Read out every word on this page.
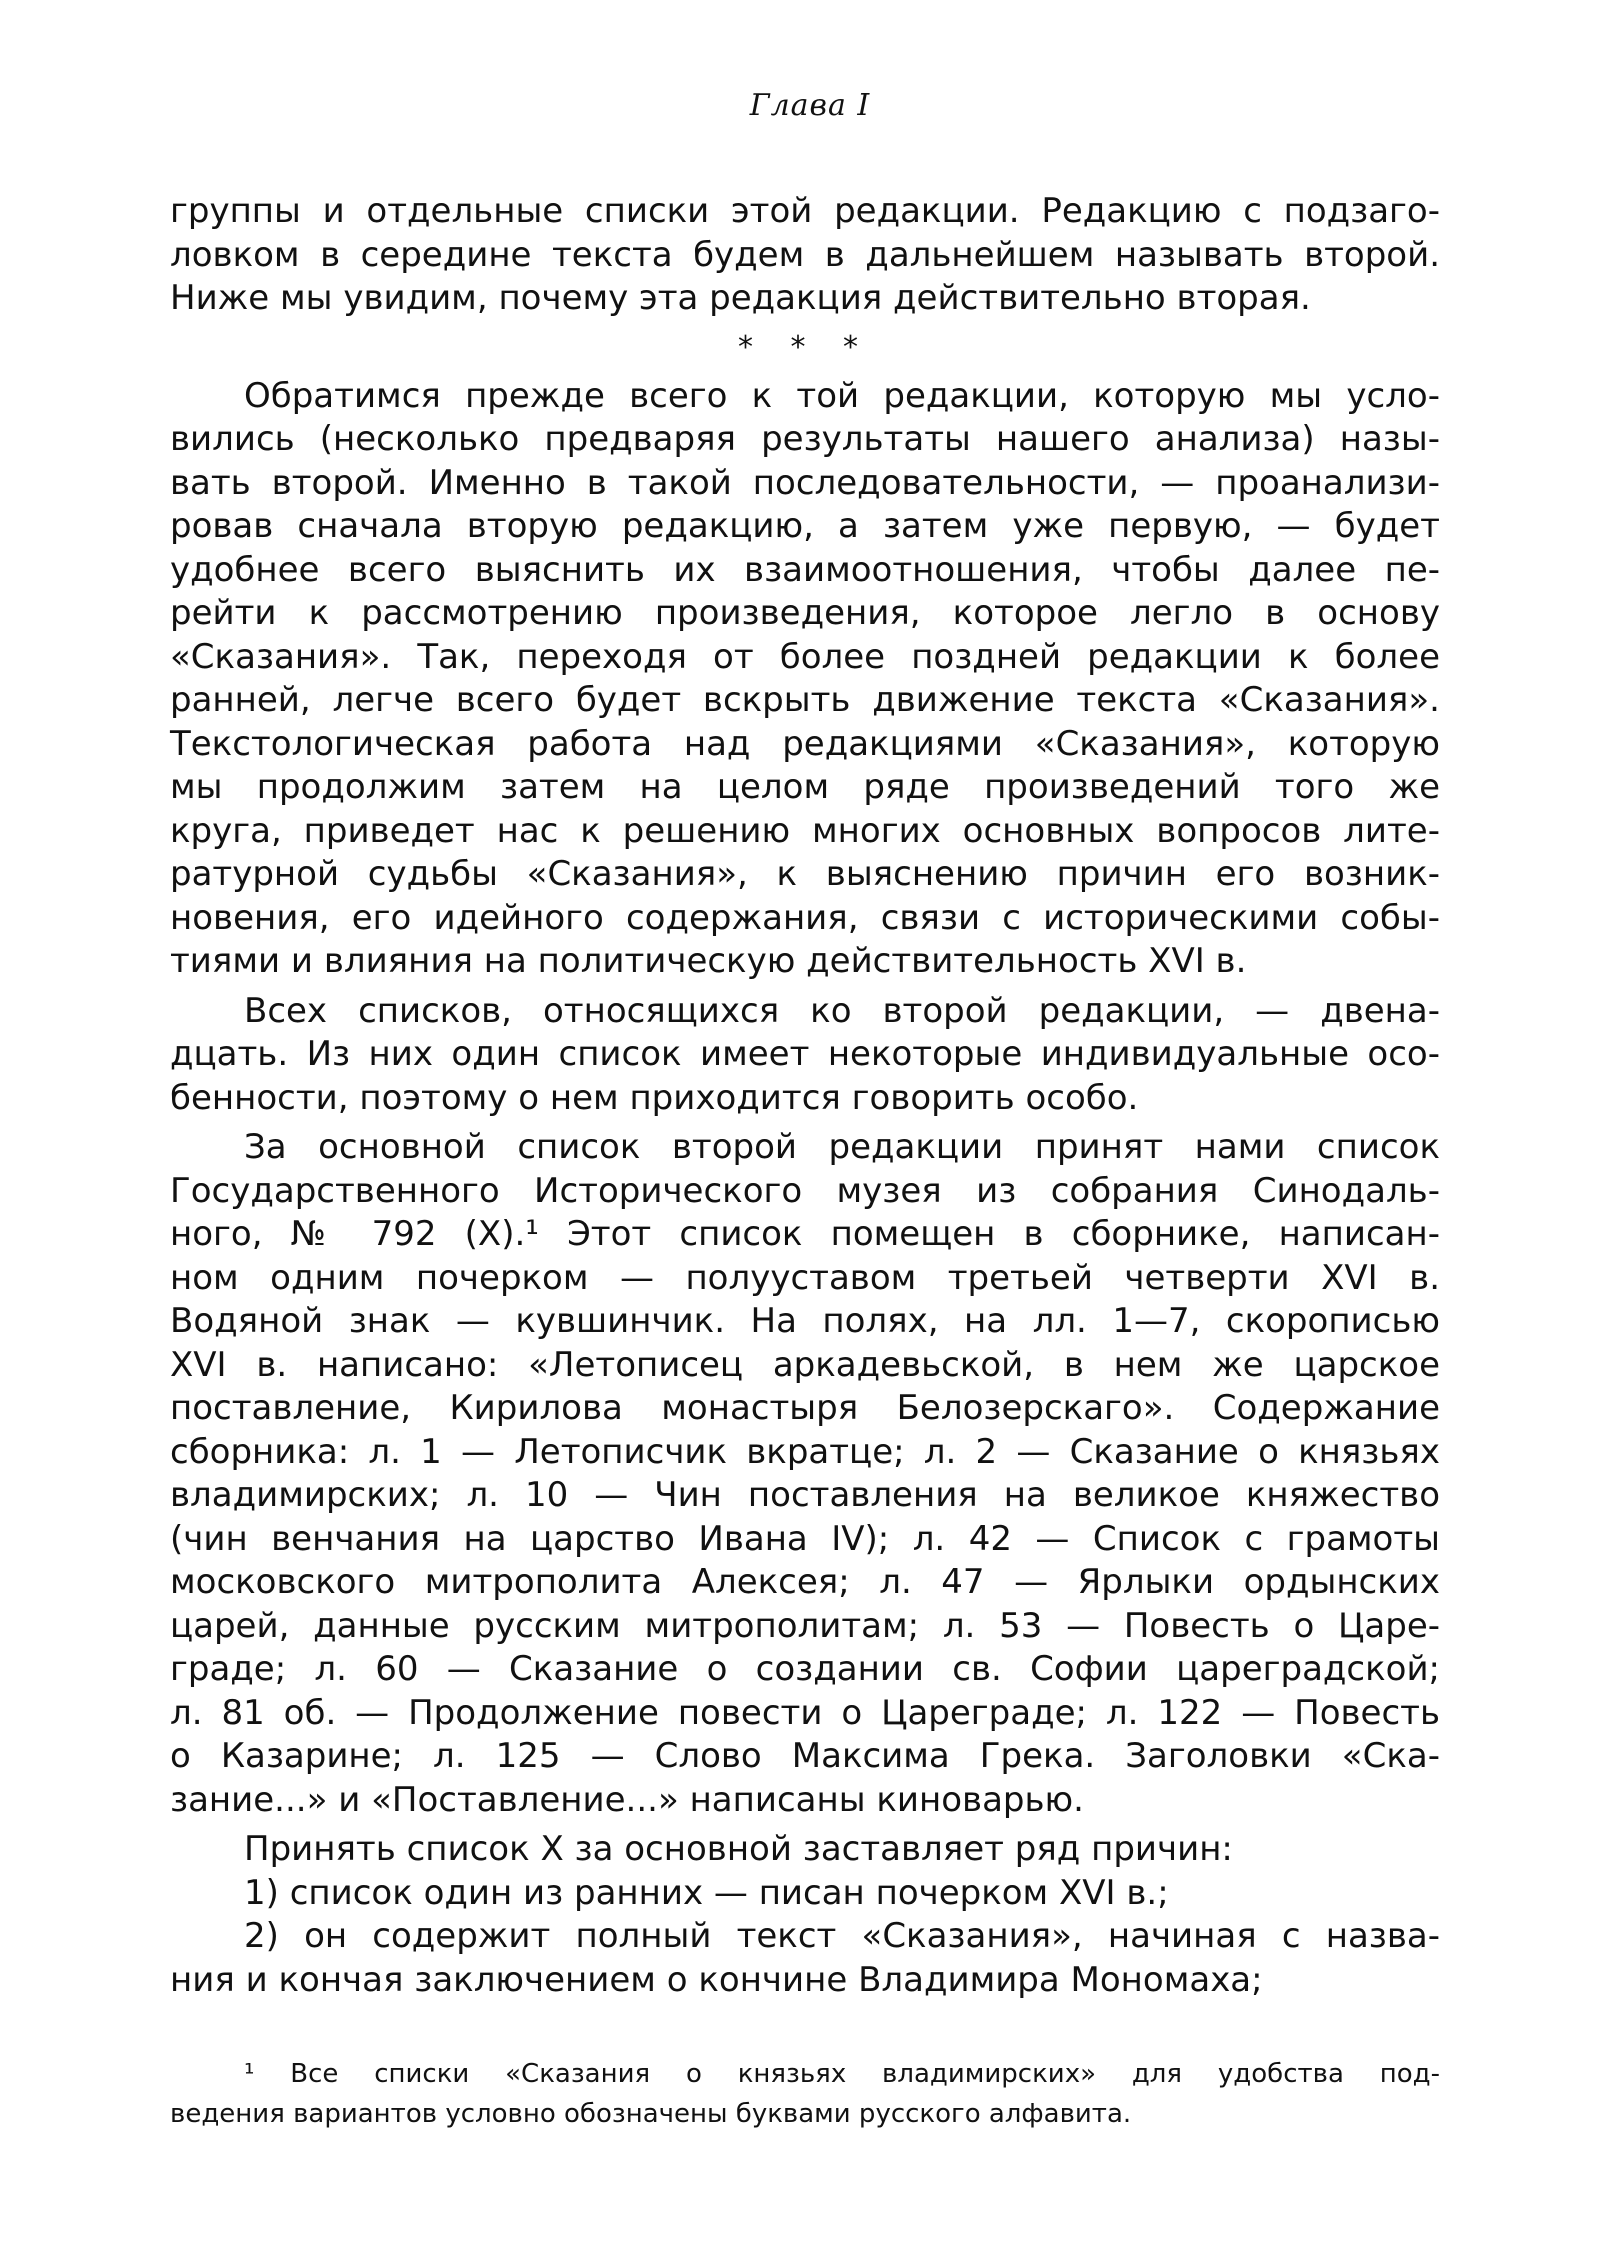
Глава I
группы и отдельные списки этой редакции. Редакцию с подзаго-
ловком в середине текста будем в дальнейшем называть второй.
Ниже мы увидим, почему эта редакция действительно вторая.
* * *
Обратимся прежде всего к той редакции, которую мы усло-
вились (несколько предваряя результаты нашего анализа) назы-
вать второй. Именно в такой последовательности, — проанализи-
ровав сначала вторую редакцию, а затем уже первую, — будет
удобнее всего выяснить их взаимоотношения, чтобы далее пе-
рейти к рассмотрению произведения, которое легло в основу
«Сказания». Так, переходя от более поздней редакции к более
ранней, легче всего будет вскрыть движение текста «Сказания».
Текстологическая работа над редакциями «Сказания», которую
мы продолжим затем на целом ряде произведений того же
круга, приведет нас к решению многих основных вопросов лите-
ратурной судьбы «Сказания», к выяснению причин его возник-
новения, его идейного содержания, связи с историческими собы-
тиями и влияния на политическую действительность XVI в.
Всех списков, относящихся ко второй редакции, — двена-
дцать. Из них один список имеет некоторые индивидуальные осо-
бенности, поэтому о нем приходится говорить особо.
За основной список второй редакции принят нами список
Государственного Исторического музея из собрания Синодаль-
ного, № 792 (X).¹ Этот список помещен в сборнике, написан-
ном одним почерком — полууставом третьей четверти XVI в.
Водяной знак — кувшинчик. На полях, на лл. 1—7, скорописью
XVI в. написано: «Летописец аркадевьской, в нем же царское
поставление, Кирилова монастыря Белозерскаго». Содержание
сборника: л. 1 — Летописчик вкратце; л. 2 — Сказание о князьях
владимирских; л. 10 — Чин поставления на великое княжество
(чин венчания на царство Ивана IV); л. 42 — Список с грамоты
московского митрополита Алексея; л. 47 — Ярлыки ордынских
царей, данные русским митрополитам; л. 53 — Повесть о Царе-
граде; л. 60 — Сказание о создании св. Софии цареградской;
л. 81 об. — Продолжение повести о Цареграде; л. 122 — Повесть
о Казарине; л. 125 — Слово Максима Грека. Заголовки «Ска-
зание...» и «Поставление...» написаны киноварью.
Принять список X за основной заставляет ряд причин:
1) список один из ранних — писан почерком XVI в.;
2) он содержит полный текст «Сказания», начиная с назва-
ния и кончая заключением о кончине Владимира Мономаха;
¹ Все списки «Сказания о князьях владимирских» для удобства под-
ведения вариантов условно обозначены буквами русского алфавита.
